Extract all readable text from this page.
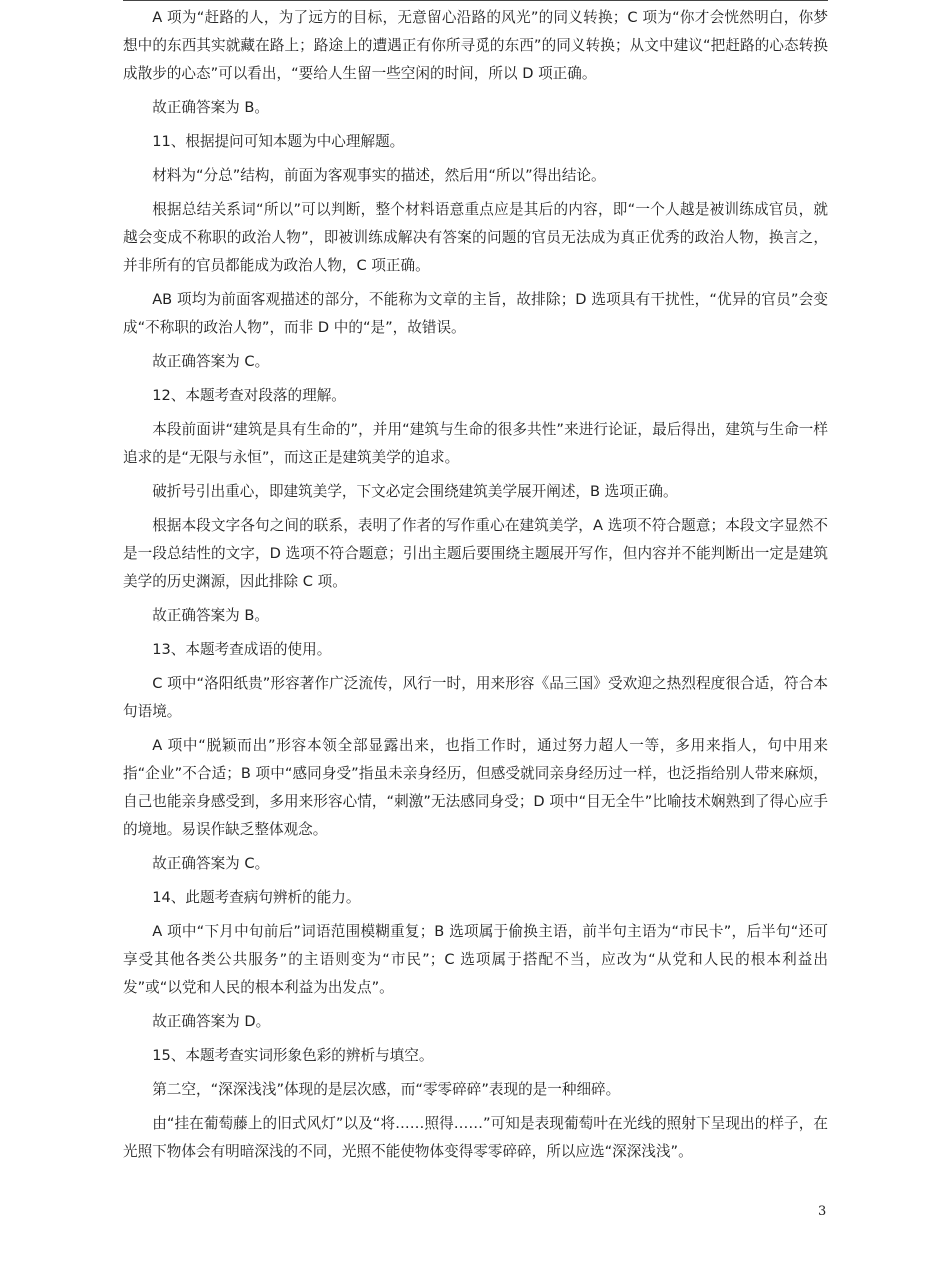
A 项为“赶路的人，为了远方的目标，无意留心沿路的风光”的同义转换；C 项为“你才会恍然明白，你梦想中的东西其实就藏在路上；路途上的遭遇正有你所寻觅的东西”的同义转换；从文中建议“把赶路的心态转换成散步的心态”可以看出，“要给人生留一些空闲的时间，所以 D 项正确。

故正确答案为 B。

11、根据提问可知本题为中心理解题。

材料为“分总”结构，前面为客观事实的描述，然后用“所以”得出结论。

根据总结关系词“所以”可以判断，整个材料语意重点应是其后的内容，即“一个人越是被训练成官员，就越会变成不称职的政治人物”，即被训练成解决有答案的问题的官员无法成为真正优秀的政治人物，换言之，并非所有的官员都能成为政治人物，C 项正确。

AB 项均为前面客观描述的部分，不能称为文章的主旨，故排除；D 选项具有干扰性，“优异的官员”会变成“不称职的政治人物”，而非 D 中的“是”，故错误。

故正确答案为 C。

12、本题考查对段落的理解。

本段前面讲“建筑是具有生命的”，并用“建筑与生命的很多共性”来进行论证，最后得出，建筑与生命一样追求的是“无限与永恒”，而这正是建筑美学的追求。

破折号引出重心，即建筑美学，下文必定会围绕建筑美学展开阐述，B 选项正确。

根据本段文字各句之间的联系，表明了作者的写作重心在建筑美学，A 选项不符合题意；本段文字显然不是一段总结性的文字，D 选项不符合题意；引出主题后要围绕主题展开写作，但内容并不能判断出一定是建筑美学的历史渊源，因此排除 C 项。

故正确答案为 B。

13、本题考查成语的使用。

C 项中“洛阳纸贵”形容著作广泛流传，风行一时，用来形容《品三国》受欢迎之热烈程度很合适，符合本句语境。

A 项中“脱颖而出”形容本领全部显露出来，也指工作时，通过努力超人一等，多用来指人，句中用来指“企业”不合适；B 项中“感同身受”指虽未亲身经历，但感受就同亲身经历过一样，也泛指给别人带来麻烦，自己也能亲身感受到，多用来形容心情，“刺激”无法感同身受；D 项中“目无全牛”比喻技术娴熟到了得心应手的境地。易误作缺乏整体观念。

故正确答案为 C。

14、此题考查病句辨析的能力。

A 项中“下月中旬前后”词语范围模糊重复；B 选项属于偷换主语，前半句主语为“市民卡”，后半句“还可享受其他各类公共服务”的主语则变为“市民”；C 选项属于搭配不当，应改为“从党和人民的根本利益出发”或“以党和人民的根本利益为出发点”。

故正确答案为 D。

15、本题考查实词形象色彩的辨析与填空。

第二空，“深深浅浅”体现的是层次感，而“零零碎碎”表现的是一种细碎。

由“挂在葡萄藤上的旧式风灯”以及“将……照得……”可知是表现葡萄叶在光线的照射下呈现出的样子，在光照下物体会有明暗深浅的不同，光照不能使物体变得零零碎碎，所以应选“深深浅浅”。

3
